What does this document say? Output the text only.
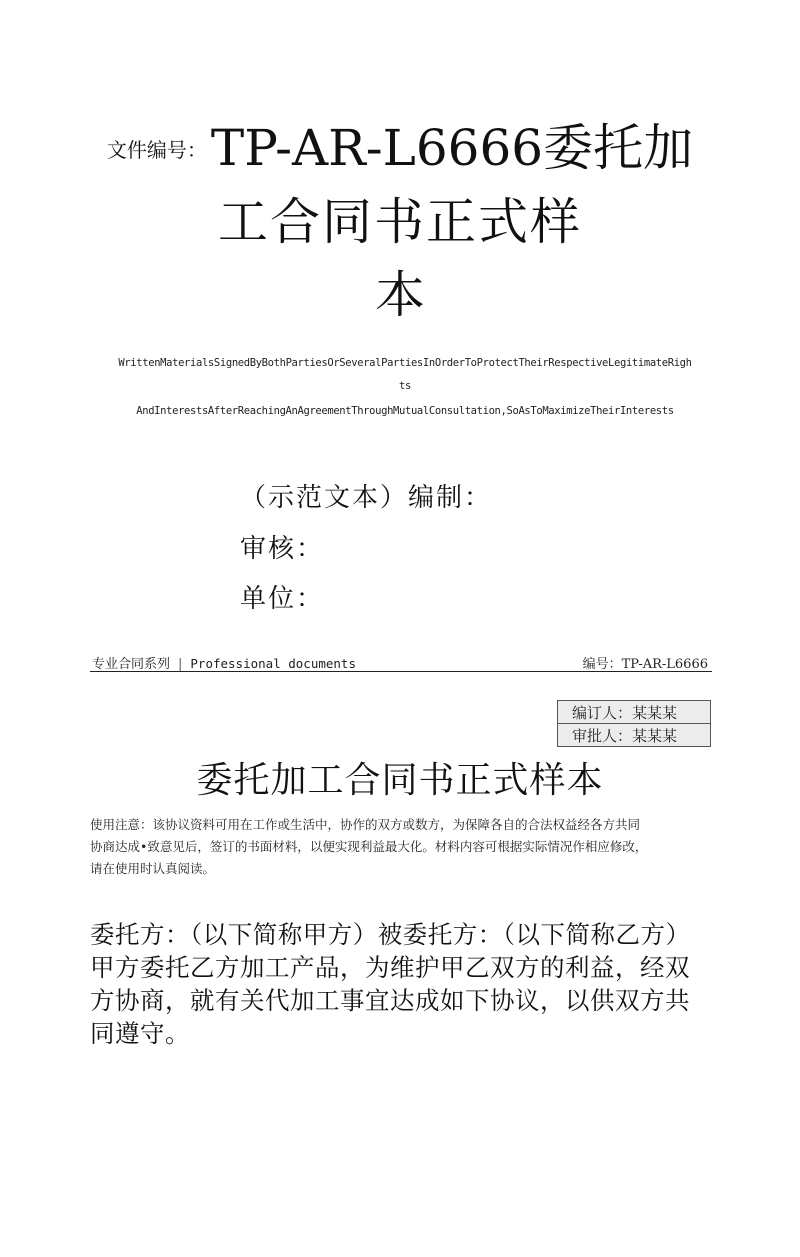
文件编号：TP-AR-L6666委托加
工合同书正式样
本
WrittenMaterialsSignedByBothPartiesOrSeveralPartiesInOrderToProtectTheirRespectiveLegitimateRigh
ts
AndInterestsAfterReachingAnAgreementThroughMutualConsultation,SoAsToMaximizeTheirInterests
（示范文本）编制：
审核：
单位：
专业合同系列 | Professional documents	编号：TP-AR-L6666
编订人：某某某
审批人：某某某
委托加工合同书正式样本
使用注意：该协议资料可用在工作或生活中，协作的双方或数方，为保障各自的合法权益经各方共同
协商达成•致意见后，签订的书面材料，以便实现利益最大化。材料内容可根据实际情况作相应修改，
请在使用时认真阅读。
委托方：（以下简称甲方）被委托方：（以下简称乙方）
甲方委托乙方加工产品，为维护甲乙双方的利益，经双
方协商，就有关代加工事宜达成如下协议，以供双方共
同遵守。
